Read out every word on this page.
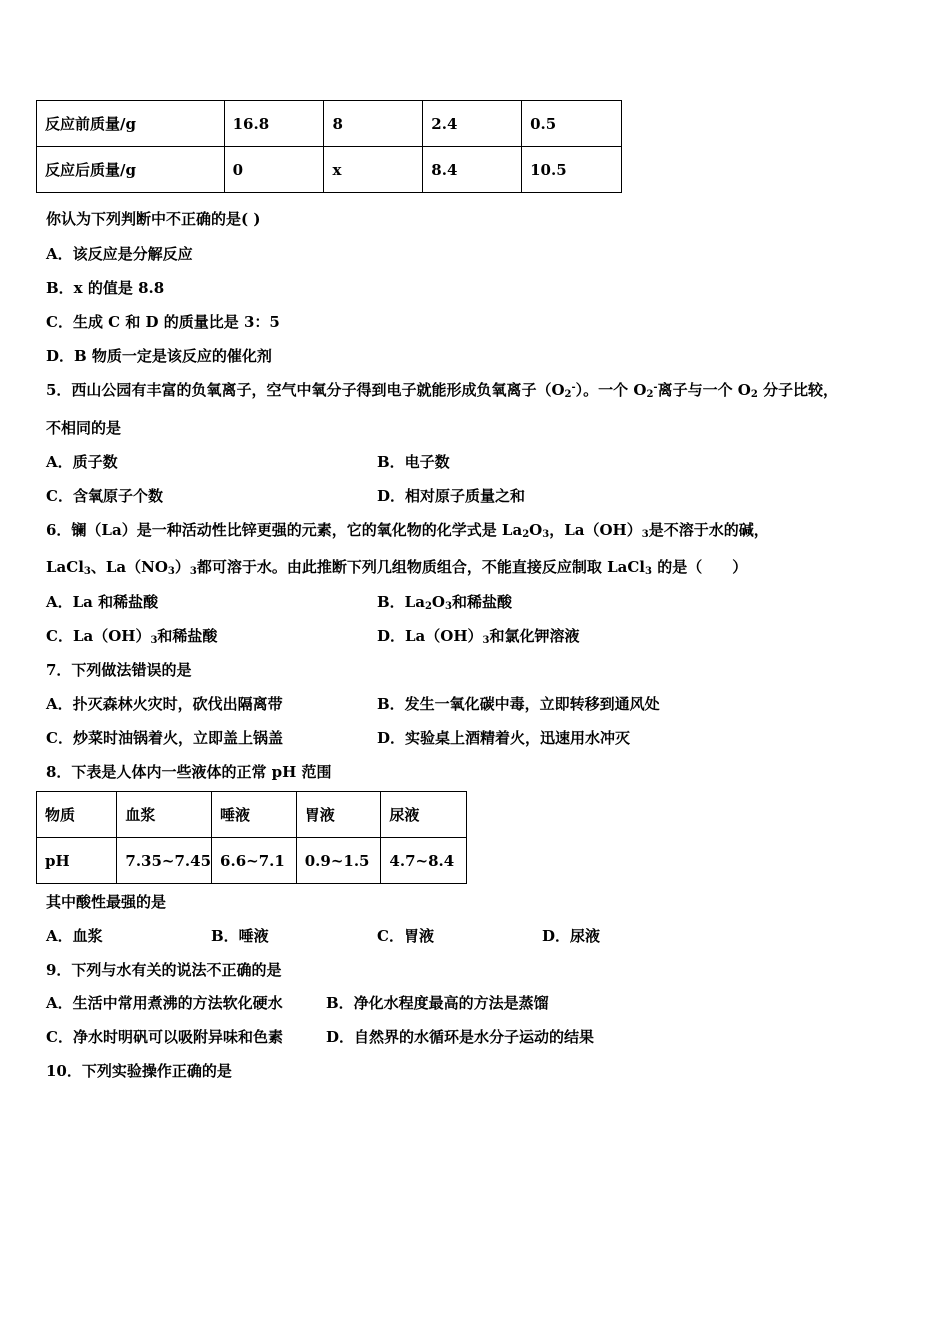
反应前质量/g	16.8	8	2.4	0.5
反应后质量/g	0	x	8.4	10.5
你认为下列判断中不正确的是( )
A．该反应是分解反应
B．x 的值是 8.8
C．生成 C 和 D 的质量比是 3：5
D．B 物质一定是该反应的催化剂
5．西山公园有丰富的负氧离子，空气中氧分子得到电子就能形成负氧离子$(O_2^-)$。一个 $O_2^-$离子与一个 $O_2$ 分子比较，
不相同的是
A．质子数	B．电子数
C．含氧原子个数	D．相对原子质量之和
6．镧（La）是一种活动性比锌更强的元素，它的氧化物的化学式是 $La_2O_3$，$La(OH)_3$是不溶于水的碱，
LaCl$_3$、$La(NO_3)_3$都可溶于水。由此推断下列几组物质组合，不能直接反应制取 LaCl$_3$ 的是（　　）
A．La 和稀盐酸	B．$La_2O_3$和稀盐酸
C．$La(OH)_3$和稀盐酸	D．$La(OH)_3$和氯化钾溶液
7．下列做法错误的是
A．扑灭森林火灾时，砍伐出隔离带	B．发生一氧化碳中毒，立即转移到通风处
C．炒菜时油锅着火，立即盖上锅盖	D．实验桌上酒精着火，迅速用水冲灭
8．下表是人体内一些液体的正常 pH 范围
物质	血浆	唾液	胃液	尿液
pH	7.35~7.45	6.6~7.1	0.9~1.5	4.7~8.4
其中酸性最强的是
A．血浆	B．唾液	C．胃液	D．尿液
9．下列与水有关的说法不正确的是
A．生活中常用煮沸的方法软化硬水	B．净化水程度最高的方法是蒸馏
C．净水时明矾可以吸附异味和色素	D．自然界的水循环是水分子运动的结果
10．下列实验操作正确的是
